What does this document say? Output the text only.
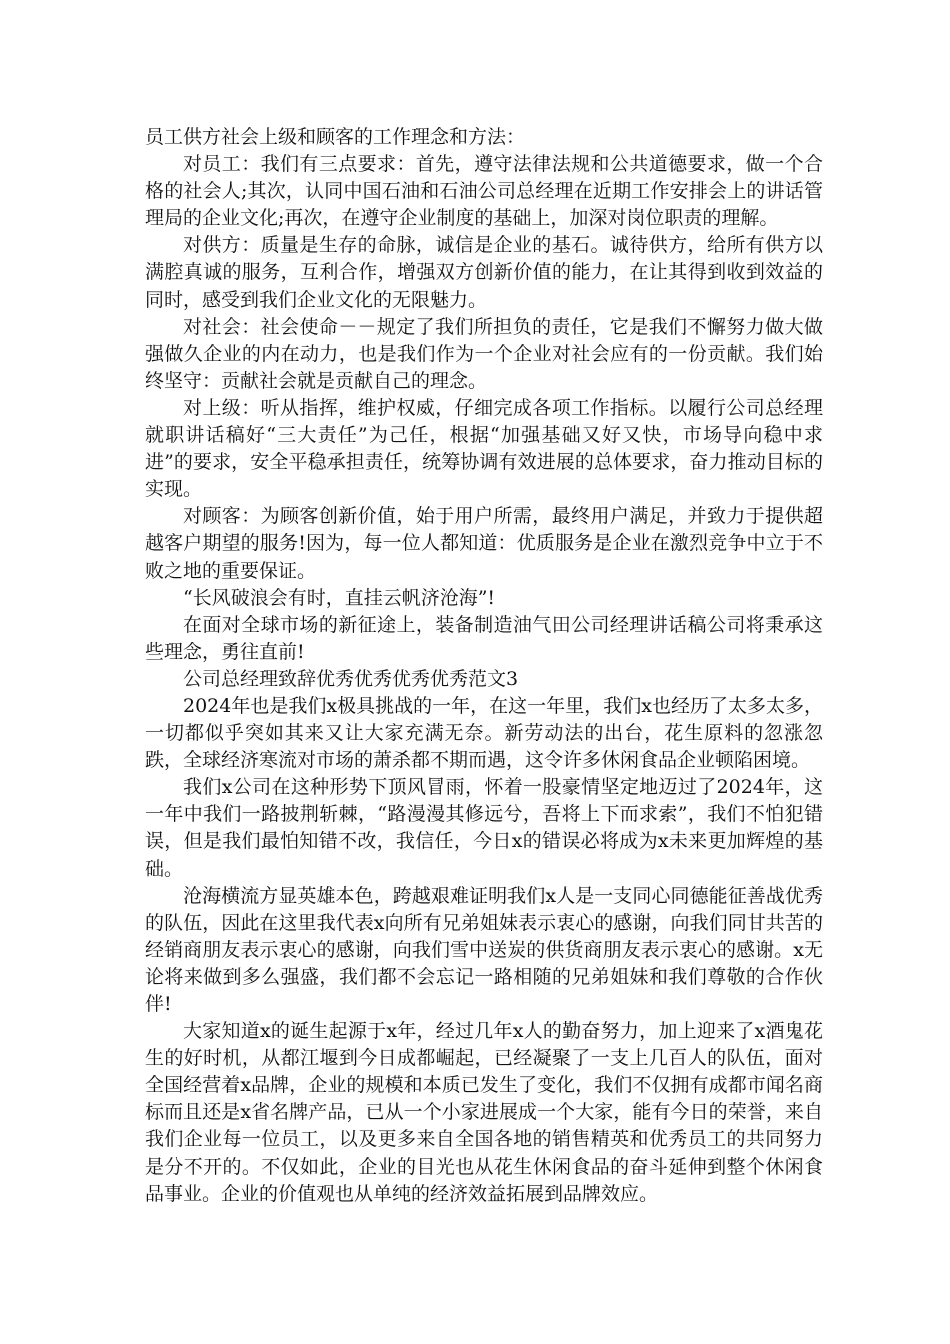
员工供方社会上级和顾客的工作理念和方法：

对员工：我们有三点要求：首先，遵守法律法规和公共道德要求，做一个合格的社会人;其次，认同中国石油和石油公司总经理在近期工作安排会上的讲话管理局的企业文化;再次，在遵守企业制度的基础上，加深对岗位职责的理解。

对供方：质量是生存的命脉，诚信是企业的基石。诚待供方，给所有供方以满腔真诚的服务，互利合作，增强双方创新价值的能力，在让其得到收到效益的同时，感受到我们企业文化的无限魅力。

对社会：社会使命－－规定了我们所担负的责任，它是我们不懈努力做大做强做久企业的内在动力，也是我们作为一个企业对社会应有的一份贡献。我们始终坚守：贡献社会就是贡献自己的理念。

对上级：听从指挥，维护权威，仔细完成各项工作指标。以履行公司总经理就职讲话稿好“三大责任”为己任，根据“加强基础又好又快，市场导向稳中求进”的要求，安全平稳承担责任，统筹协调有效进展的总体要求，奋力推动目标的实现。

对顾客：为顾客创新价值，始于用户所需，最终用户满足，并致力于提供超越客户期望的服务!因为，每一位人都知道：优质服务是企业在激烈竞争中立于不败之地的重要保证。

“长风破浪会有时，直挂云帆济沧海”!

在面对全球市场的新征途上，装备制造油气田公司经理讲话稿公司将秉承这些理念，勇往直前!

公司总经理致辞优秀优秀优秀优秀范文3

2024年也是我们x极具挑战的一年，在这一年里，我们x也经历了太多太多，一切都似乎突如其来又让大家充满无奈。新劳动法的出台，花生原料的忽涨忽跌，全球经济寒流对市场的萧杀都不期而遇，这令许多休闲食品企业顿陷困境。

我们x公司在这种形势下顶风冒雨，怀着一股豪情坚定地迈过了2024年，这一年中我们一路披荆斩棘，“路漫漫其修远兮，吾将上下而求索”，我们不怕犯错误，但是我们最怕知错不改，我信任，今日x的错误必将成为x未来更加辉煌的基础。

沧海横流方显英雄本色，跨越艰难证明我们x人是一支同心同德能征善战优秀的队伍，因此在这里我代表x向所有兄弟姐妹表示衷心的感谢，向我们同甘共苦的经销商朋友表示衷心的感谢，向我们雪中送炭的供货商朋友表示衷心的感谢。x无论将来做到多么强盛，我们都不会忘记一路相随的兄弟姐妹和我们尊敬的合作伙伴!

大家知道x的诞生起源于x年，经过几年x人的勤奋努力，加上迎来了x酒鬼花生的好时机，从都江堰到今日成都崛起，已经凝聚了一支上几百人的队伍，面对全国经营着x品牌，企业的规模和本质已发生了变化，我们不仅拥有成都市闻名商标而且还是x省名牌产品，已从一个小家进展成一个大家，能有今日的荣誉，来自我们企业每一位员工，以及更多来自全国各地的销售精英和优秀员工的共同努力是分不开的。不仅如此，企业的目光也从花生休闲食品的奋斗延伸到整个休闲食品事业。企业的价值观也从单纯的经济效益拓展到品牌效应。
